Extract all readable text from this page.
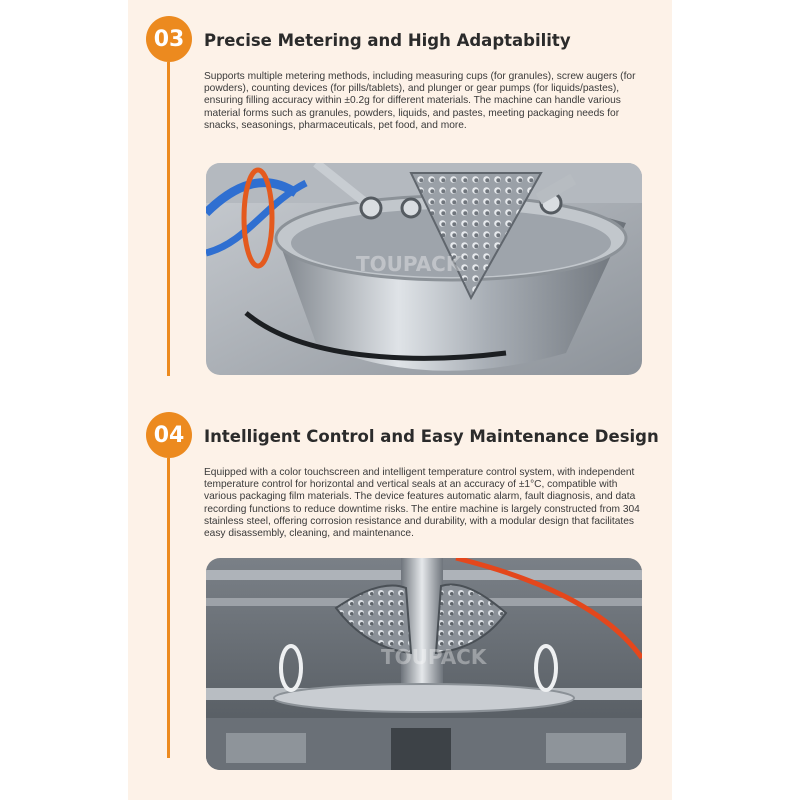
03	Precise Metering and High Adaptability
Supports multiple metering methods, including measuring cups (for granules), screw augers (for powders), counting devices (for pills/tablets), and plunger or gear pumps (for liquids/pastes), ensuring filling accuracy within ±0.2g for different materials. The machine can handle various material forms such as granules, powders, liquids, and pastes, meeting packaging needs for snacks, seasonings, pharmaceuticals, pet food, and more.
TOUPACK
04	Intelligent Control and Easy Maintenance Design
Equipped with a color touchscreen and intelligent temperature control system, with independent temperature control for horizontal and vertical seals at an accuracy of ±1°C, compatible with various packaging film materials. The device features automatic alarm, fault diagnosis, and data recording functions to reduce downtime risks. The entire machine is largely constructed from 304 stainless steel, offering corrosion resistance and durability, with a modular design that facilitates easy disassembly, cleaning, and maintenance.
TOUPACK
